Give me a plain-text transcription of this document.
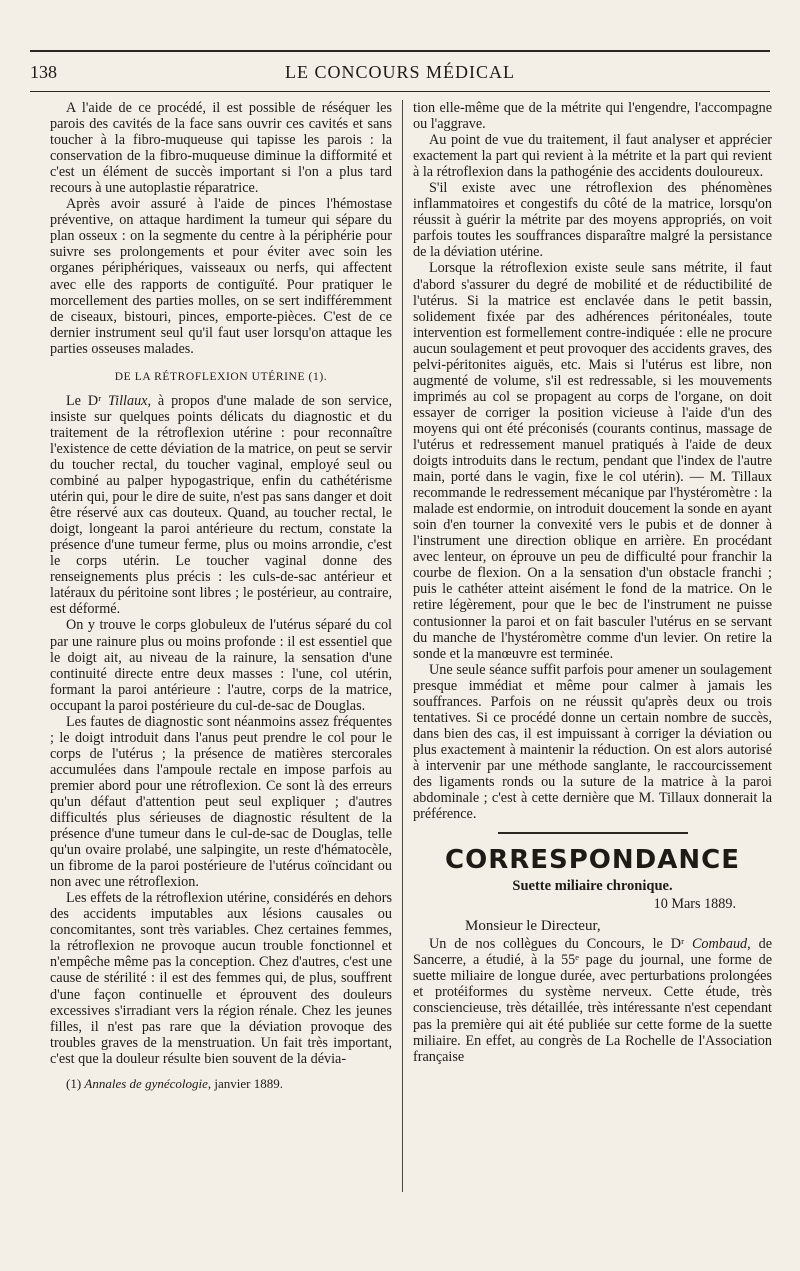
138	LE CONCOURS MÉDICAL

A l'aide de ce procédé, il est possible de réséquer les parois des cavités de la face sans ouvrir ces cavités et sans toucher à la fibro-muqueuse qui tapisse les parois : la conservation de la fibro-muqueuse diminue la difformité et c'est un élément de succès important si l'on a plus tard recours à une autoplastie réparatrice.

Après avoir assuré à l'aide de pinces l'hémostase préventive, on attaque hardiment la tumeur qui sépare du plan osseux : on la segmente du centre à la périphérie pour suivre ses prolongements et pour éviter avec soin les organes périphériques, vaisseaux ou nerfs, qui affectent avec elle des rapports de contiguïté. Pour pratiquer le morcellement des parties molles, on se sert indifféremment de ciseaux, bistouri, pinces, emporte-pièces. C'est de ce dernier instrument seul qu'il faut user lorsqu'on attaque les parties osseuses malades.

DE LA RÉTROFLEXION UTÉRINE (1).

Le Dʳ Tillaux, à propos d'une malade de son service, insiste sur quelques points délicats du diagnostic et du traitement de la rétroflexion utérine : pour reconnaître l'existence de cette déviation de la matrice, on peut se servir du toucher rectal, du toucher vaginal, employé seul ou combiné au palper hypogastrique, enfin du cathétérisme utérin qui, pour le dire de suite, n'est pas sans danger et doit être réservé aux cas douteux. Quand, au toucher rectal, le doigt, longeant la paroi antérieure du rectum, constate la présence d'une tumeur ferme, plus ou moins arrondie, c'est le corps utérin. Le toucher vaginal donne des renseignements plus précis : les culs-de-sac antérieur et latéraux du péritoine sont libres ; le postérieur, au contraire, est déformé.

On y trouve le corps globuleux de l'utérus séparé du col par une rainure plus ou moins profonde : il est essentiel que le doigt ait, au niveau de la rainure, la sensation d'une continuité directe entre deux masses : l'une, col utérin, formant la paroi antérieure : l'autre, corps de la matrice, occupant la paroi postérieure du cul-de-sac de Douglas.

Les fautes de diagnostic sont néanmoins assez fréquentes ; le doigt introduit dans l'anus peut prendre le col pour le corps de l'utérus ; la présence de matières stercorales accumulées dans l'ampoule rectale en impose parfois au premier abord pour une rétroflexion. Ce sont là des erreurs qu'un défaut d'attention peut seul expliquer ; d'autres difficultés plus sérieuses de diagnostic résultent de la présence d'une tumeur dans le cul-de-sac de Douglas, telle qu'un ovaire prolabé, une salpingite, un reste d'hématocèle, un fibrome de la paroi postérieure de l'utérus coïncidant ou non avec une rétroflexion.

Les effets de la rétroflexion utérine, considérés en dehors des accidents imputables aux lésions causales ou concomitantes, sont très variables. Chez certaines femmes, la rétroflexion ne provoque aucun trouble fonctionnel et n'empêche même pas la conception. Chez d'autres, c'est une cause de stérilité : il est des femmes qui, de plus, souffrent d'une façon continuelle et éprouvent des douleurs excessives s'irradiant vers la région rénale. Chez les jeunes filles, il n'est pas rare que la déviation provoque des troubles graves de la menstruation. Un fait très important, c'est que la douleur résulte bien souvent de la dévia-

(1) Annales de gynécologie, janvier 1889.

tion elle-même que de la métrite qui l'engendre, l'accompagne ou l'aggrave.

Au point de vue du traitement, il faut analyser et apprécier exactement la part qui revient à la métrite et la part qui revient à la rétroflexion dans la pathogénie des accidents douloureux.

S'il existe avec une rétroflexion des phénomènes inflammatoires et congestifs du côté de la matrice, lorsqu'on réussit à guérir la métrite par des moyens appropriés, on voit parfois toutes les souffrances disparaître malgré la persistance de la déviation utérine.

Lorsque la rétroflexion existe seule sans métrite, il faut d'abord s'assurer du degré de mobilité et de réductibilité de l'utérus. Si la matrice est enclavée dans le petit bassin, solidement fixée par des adhérences péritonéales, toute intervention est formellement contre-indiquée : elle ne procure aucun soulagement et peut provoquer des accidents graves, des pelvi-péritonites aiguës, etc. Mais si l'utérus est libre, non augmenté de volume, s'il est redressable, si les mouvements imprimés au col se propagent au corps de l'organe, on doit essayer de corriger la position vicieuse à l'aide d'un des moyens qui ont été préconisés (courants continus, massage de l'utérus et redressement manuel pratiqués à l'aide de deux doigts introduits dans le rectum, pendant que l'index de l'autre main, porté dans le vagin, fixe le col utérin). — M. Tillaux recommande le redressement mécanique par l'hystéromètre : la malade est endormie, on introduit doucement la sonde en ayant soin d'en tourner la convexité vers le pubis et de donner à l'instrument une direction oblique en arrière. En procédant avec lenteur, on éprouve un peu de difficulté pour franchir la courbe de flexion. On a la sensation d'un obstacle franchi ; puis le cathéter atteint aisément le fond de la matrice. On le retire légèrement, pour que le bec de l'instrument ne puisse contusionner la paroi et on fait basculer l'utérus en se servant du manche de l'hystéromètre comme d'un levier. On retire la sonde et la manœuvre est terminée.

Une seule séance suffit parfois pour amener un soulagement presque immédiat et même pour calmer à jamais les souffrances. Parfois on ne réussit qu'après deux ou trois tentatives. Si ce procédé donne un certain nombre de succès, dans bien des cas, il est impuissant à corriger la déviation ou plus exactement à maintenir la réduction. On est alors autorisé à intervenir par une méthode sanglante, le raccourcissement des ligaments ronds ou la suture de la matrice à la paroi abdominale ; c'est à cette dernière que M. Tillaux donnerait la préférence.

CORRESPONDANCE
Suette miliaire chronique.
10 Mars 1889.

Monsieur le Directeur,

Un de nos collègues du Concours, le Dʳ Combaud, de Sancerre, a étudié, à la 55ᵉ page du journal, une forme de suette miliaire de longue durée, avec perturbations prolongées et protéiformes du système nerveux. Cette étude, très consciencieuse, très détaillée, très intéressante n'est cependant pas la première qui ait été publiée sur cette forme de la suette miliaire. En effet, au congrès de La Rochelle de l'Association française
